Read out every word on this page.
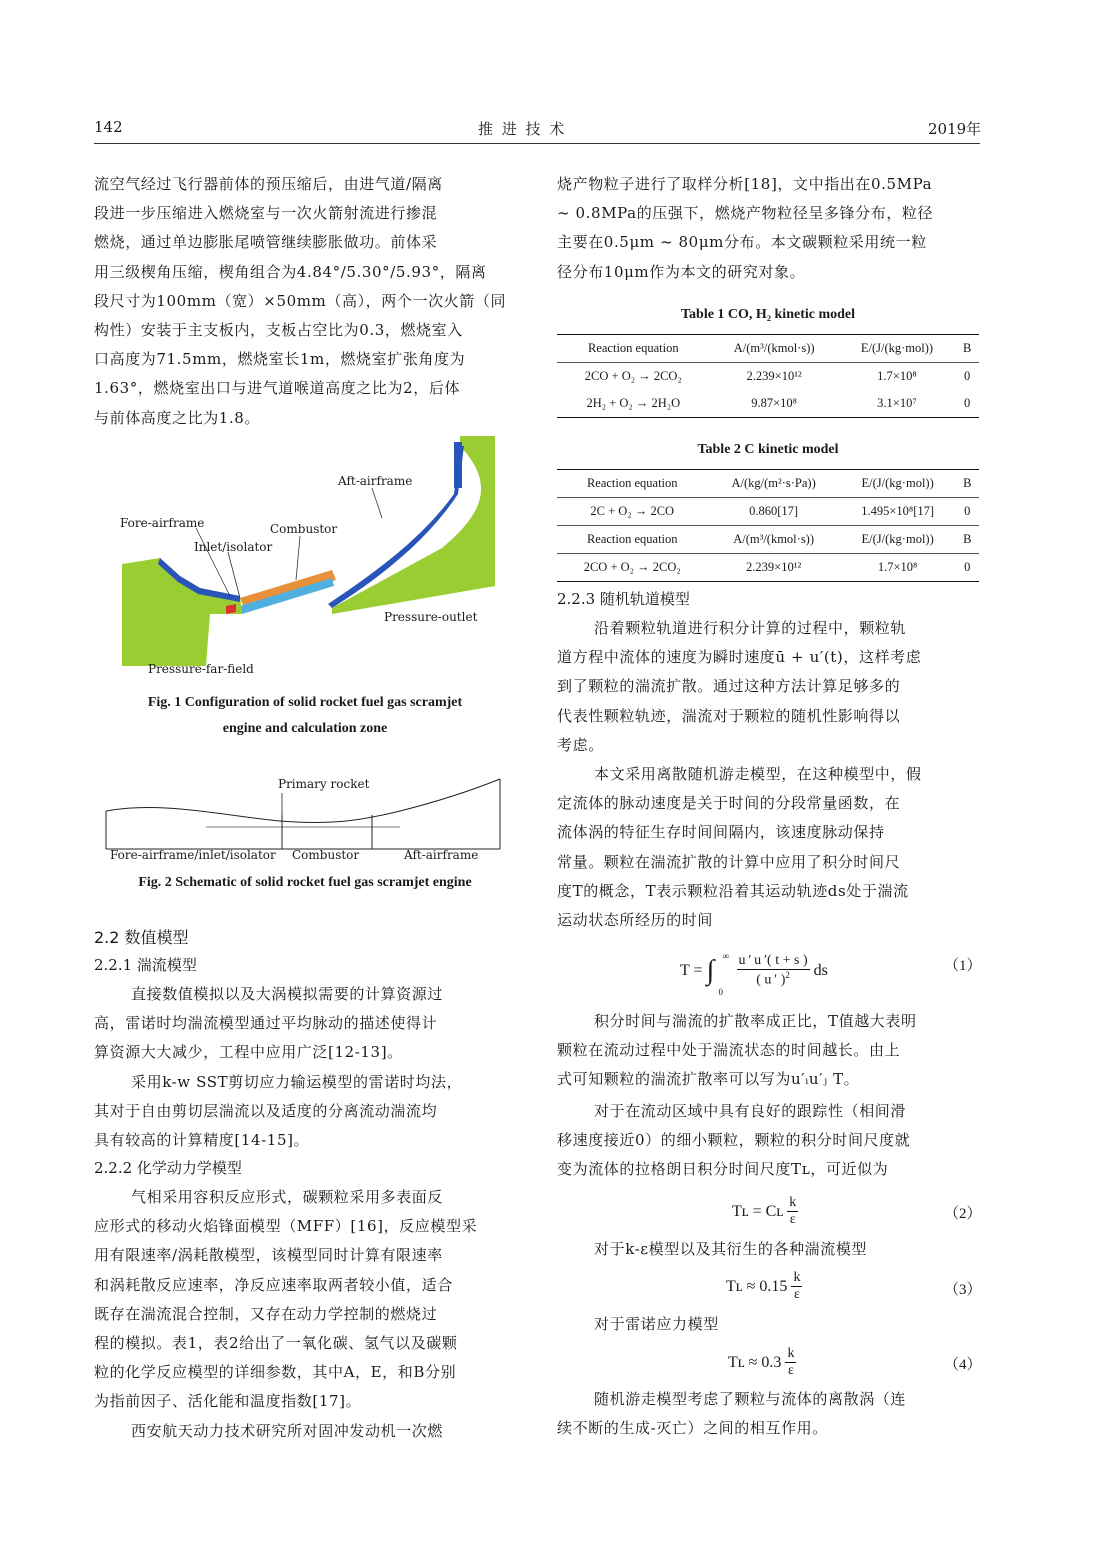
142	推 进 技 术	2019年
流空气经过飞行器前体的预压缩后，由进气道/隔离
段进一步压缩进入燃烧室与一次火箭射流进行掺混
燃烧，通过单边膨胀尾喷管继续膨胀做功。前体采
用三级楔角压缩，楔角组合为4.84°/5.30°/5.93°，隔离
段尺寸为100mm（宽）×50mm（高），两个一次火箭（同
构性）安装于主支板内，支板占空比为0.3，燃烧室入
口高度为71.5mm，燃烧室长1m，燃烧室扩张角度为
1.63°，燃烧室出口与进气道喉道高度之比为2，后体
与前体高度之比为1.8。
Aft-airframe
Fore-airframe	Combustor
Inlet/isolator
Pressure-outlet
Pressure-far-field
Fig. 1 Configuration of solid rocket fuel gas scramjet
engine and calculation zone
Primary rocket
Fore-airframe/inlet/isolator Combustor	Aft-airframe
Fig. 2 Schematic of solid rocket fuel gas scramjet engine
2.2 数值模型
2.2.1 湍流模型
直接数值模拟以及大涡模拟需要的计算资源过
高，雷诺时均湍流模型通过平均脉动的描述使得计
算资源大大减少，工程中应用广泛[12-13]。
采用k-w SST剪切应力输运模型的雷诺时均法，
其对于自由剪切层湍流以及适度的分离流动湍流均
具有较高的计算精度[14-15]。
2.2.2 化学动力学模型
气相采用容积反应形式，碳颗粒采用多表面反
应形式的移动火焰锋面模型（MFF）[16]，反应模型采
用有限速率/涡耗散模型，该模型同时计算有限速率
和涡耗散反应速率，净反应速率取两者较小值，适合
既存在湍流混合控制，又存在动力学控制的燃烧过
程的模拟。表1，表2给出了一氧化碳、氢气以及碳颗
粒的化学反应模型的详细参数，其中A，E，和B分别
为指前因子、活化能和温度指数[17]。
西安航天动力技术研究所对固冲发动机一次燃
烧产物粒子进行了取样分析[18]，文中指出在0.5MPa
~ 0.8MPa的压强下，燃烧产物粒径呈多锋分布，粒径
主要在0.5μm ~ 80μm分布。本文碳颗粒采用统一粒
径分布10μm作为本文的研究对象。
Table 1 CO, H₂ kinetic model
Reaction equation	A/(m³/(kmol·s))	E/(J/(kg·mol))	B
2CO + O₂ → 2CO₂	2.239×10¹²	1.7×10⁸	0
2H₂ + O₂ → 2H₂O	9.87×10⁸	3.1×10⁷	0
Table 2 C kinetic model
Reaction equation	A/(kg/(m²·s·Pa))	E/(J/(kg·mol))	B
2C + O₂ → 2CO	0.860[17]	1.495×10⁸[17]	0
Reaction equation	A/(m³/(kmol·s))	E/(J/(kg·mol))	B
2CO + O₂ → 2CO₂	2.239×10¹²	1.7×10⁸	0
2.2.3 随机轨道模型
沿着颗粒轨道进行积分计算的过程中，颗粒轨
道方程中流体的速度为瞬时速度ū + u′(t)，这样考虑
到了颗粒的湍流扩散。通过这种方法计算足够多的
代表性颗粒轨迹，湍流对于颗粒的随机性影响得以
考虑。
本文采用离散随机游走模型，在这种模型中，假
定流体的脉动速度是关于时间的分段常量函数，在
流体涡的特征生存时间间隔内，该速度脉动保持
常量。颗粒在湍流扩散的计算中应用了积分时间尺
度T的概念，T表示颗粒沿着其运动轨迹ds处于湍流
运动状态所经历的时间
T = ∫ ∞
0
$\frac{u ' u '( t + s )}{( u ' )^2}$ ds	（1）
积分时间与湍流的扩散率成正比，T值越大表明
颗粒在流动过程中处于湍流状态的时间越长。由上
式可知颗粒的湍流扩散率可以写为u′ᵢu′ⱼ T。
对于在流动区域中具有良好的跟踪性（相间滑
移速度接近0）的细小颗粒，颗粒的积分时间尺度就
变为流体的拉格朗日积分时间尺度Tʟ，可近似为
Tʟ = Cʟ $\frac{k}{\varepsilon}$	（2）
对于k-ε模型以及其衍生的各种湍流模型
Tʟ ≈ $0.15 \frac{k}{\varepsilon}$	（3）
对于雷诺应力模型
Tʟ ≈ $0.3 \frac{k}{\varepsilon}$	（4）
随机游走模型考虑了颗粒与流体的离散涡（连
续不断的生成-灭亡）之间的相互作用。
